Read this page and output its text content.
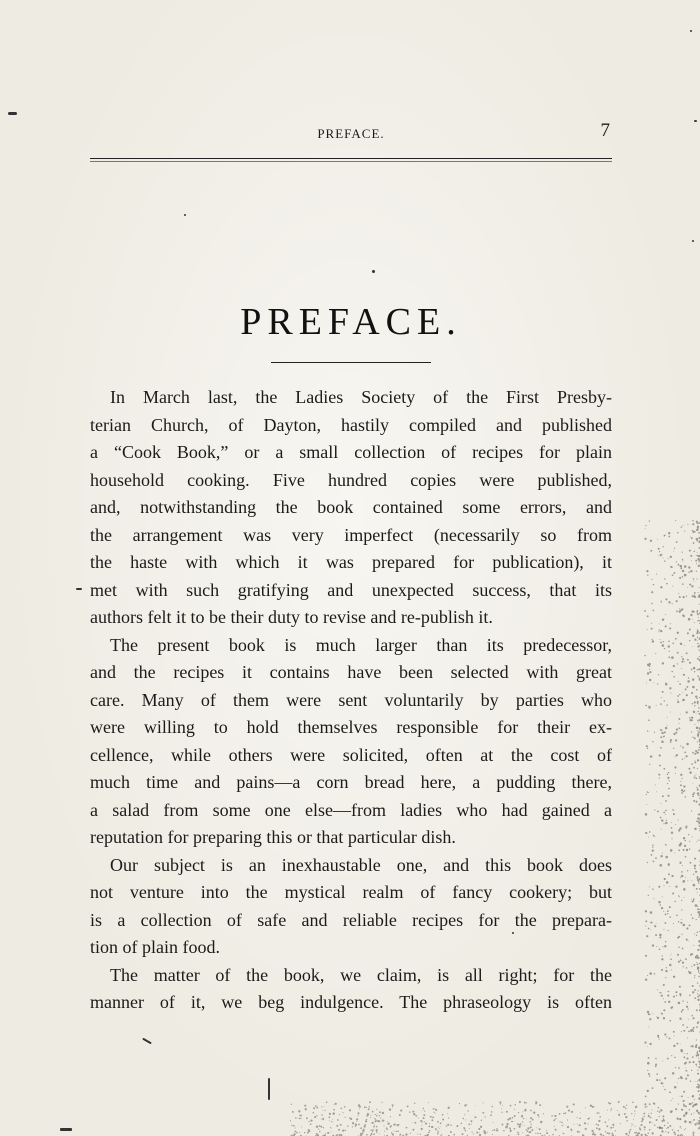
PREFACE.	7
PREFACE.
In March last, the Ladies Society of the First Presby-
terian Church, of Dayton, hastily compiled and published
a “Cook Book,” or a small collection of recipes for plain
household cooking. Five hundred copies were published,
and, notwithstanding the book contained some errors, and
the arrangement was very imperfect (necessarily so from
the haste with which it was prepared for publication), it
met with such gratifying and unexpected success, that its
authors felt it to be their duty to revise and re-publish it.
The present book is much larger than its predecessor,
and the recipes it contains have been selected with great
care. Many of them were sent voluntarily by parties who
were willing to hold themselves responsible for their ex-
cellence, while others were solicited, often at the cost of
much time and pains—a corn bread here, a pudding there,
a salad from some one else—from ladies who had gained a
reputation for preparing this or that particular dish.
Our subject is an inexhaustable one, and this book does
not venture into the mystical realm of fancy cookery; but
is a collection of safe and reliable recipes for the prepara-
tion of plain food.
The matter of the book, we claim, is all right; for the
manner of it, we beg indulgence. The phraseology is often
